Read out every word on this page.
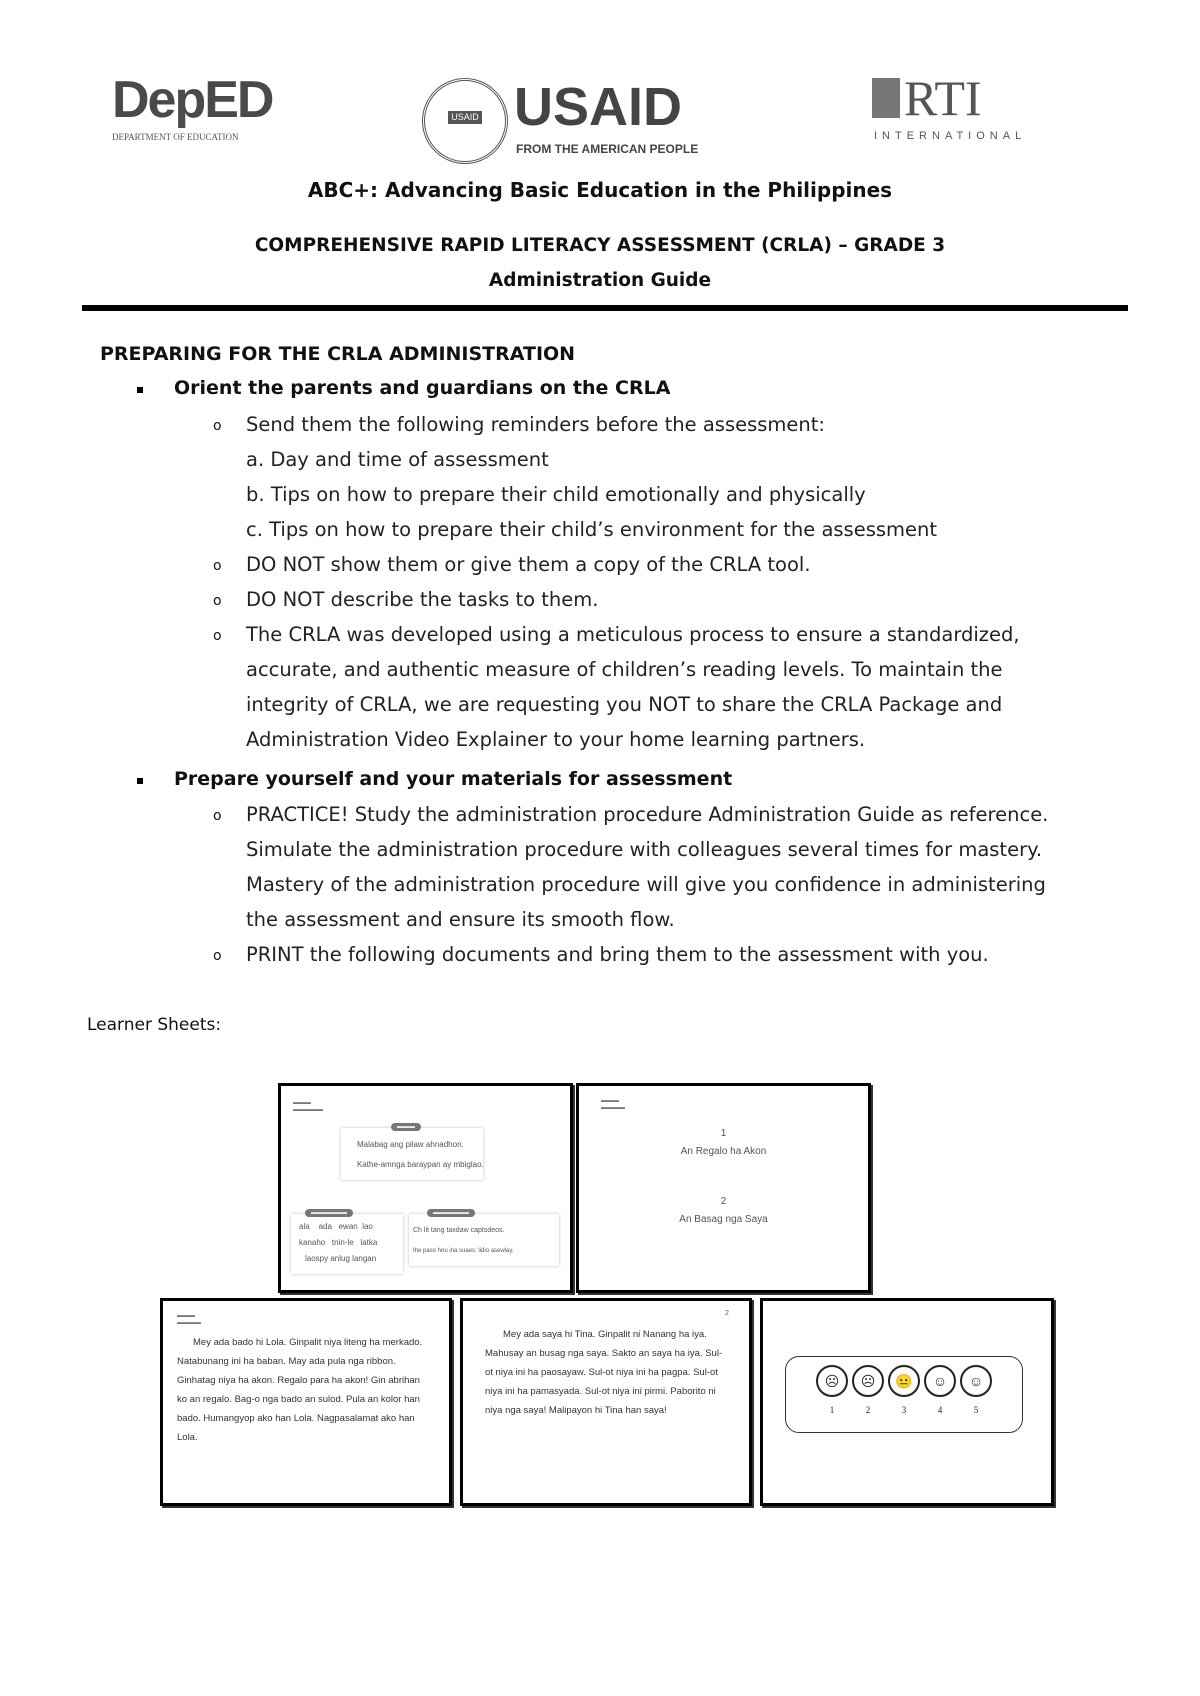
DepED
DEPARTMENT OF EDUCATION
USAID USAID
FROM THE AMERICAN PEOPLE
RTI
INTERNATIONAL
ABC+: Advancing Basic Education in the Philippines
COMPREHENSIVE RAPID LITERACY ASSESSMENT (CRLA) – GRADE 3
Administration Guide
PREPARING FOR THE CRLA ADMINISTRATION
Orient the parents and guardians on the CRLA
o Send them the following reminders before the assessment:
a. Day and time of assessment
b. Tips on how to prepare their child emotionally and physically
c. Tips on how to prepare their child’s environment for the assessment
o DO NOT show them or give them a copy of the CRLA tool.
o DO NOT describe the tasks to them.
o The CRLA was developed using a meticulous process to ensure a standardized,
accurate, and authentic measure of children’s reading levels. To maintain the
integrity of CRLA, we are requesting you NOT to share the CRLA Package and
Administration Video Explainer to your home learning partners.
Prepare yourself and your materials for assessment
o PRACTICE! Study the administration procedure Administration Guide as reference.
Simulate the administration procedure with colleagues several times for mastery.
Mastery of the administration procedure will give you confidence in administering
the assessment and ensure its smooth flow.
o PRINT the following documents and bring them to the assessment with you.
Learner Sheets:
▬▬▬
▬▬▬▬▬
▬▬▬
Malabag ang pilaw ahnadhon.
Kathe-amnga baraypan ay mbiglao.
▬▬▬▬▬▬
ala ada ewan lao
kanaho tnin-le latka
laospy anlug langan
▬▬▬▬▬▬
Ch lit tang taxdaw captsdeos.
Ihe paso hou ina suaes: lidio asewlay.
▬▬▬
▬▬▬▬
1
An Regalo ha Akon
2
An Basag nga Saya
▬▬▬
▬▬▬▬
Mey ada bado hi Lola. Ginpalit niya liteng ha merkado. Natabunang ini ha baban. May ada pula nga ribbon. Ginhatag niya ha akon. Regalo para ha akon! Gin abrihan ko an regalo. Bag-o nga bado an sulod. Pula an kolor han bado. Humangyop ako han Lola. Nagpasalamat ako han Lola.
2
Mey ada saya hi Tina. Ginpalit ni Nanang ha iya. Mahusay an busag nga saya. Sakto an saya ha iya. Sul-ot niya ini ha paosayaw. Sul-ot niya ini ha pagpa. Sul-ot niya ini ha pamasyada. Sul-ot niya ini pirmi. Paborito ni niya nga saya! Malipayon hi Tina han saya!
☹ ☹ 😐 ☺ ☺
1	2	3	4	5
